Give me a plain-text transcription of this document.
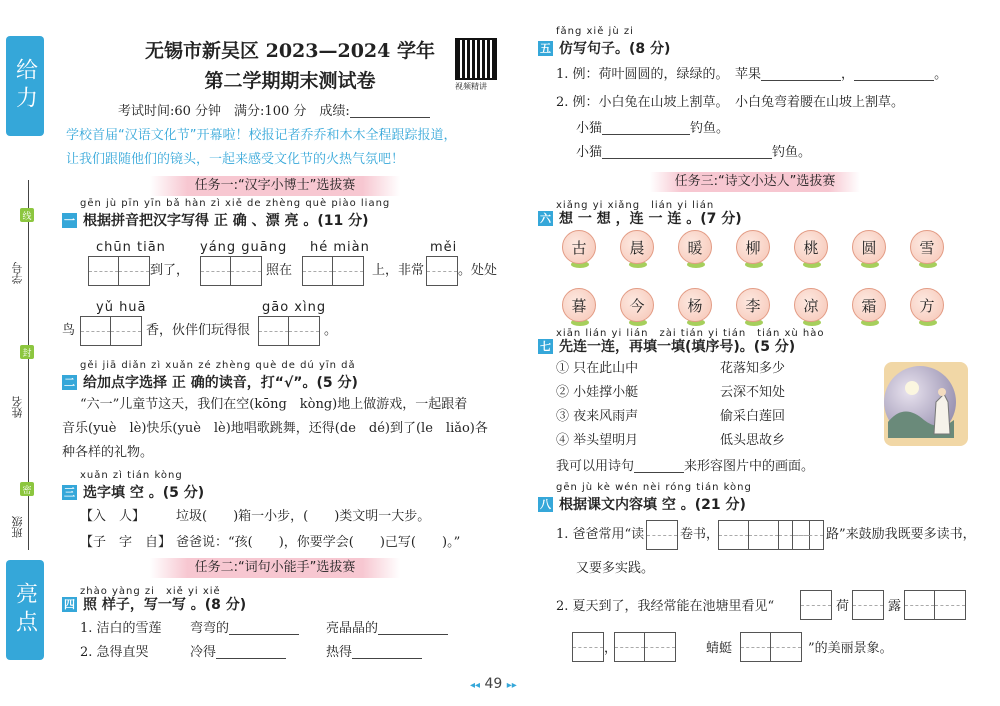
给力
亮点
线
封
密
学号
姓名
班级
无锡市新吴区 2023—2024 学年
第二学期期末测试卷	视频精讲
考试时间:60 分钟　满分:100 分　成绩:
学校首届“汉语文化节”开幕啦！校报记者乔乔和木木全程跟踪报道，
让我们跟随他们的镜头，一起来感受文化节的火热气氛吧！
任务一:“汉字小博士”选拔赛
gēn jù pīn yīn bǎ hàn zì xiě de zhèng què piào liang
一 根据拼音把汉字写得 正 确 、漂 亮 。(11 分)
chūn tiān	yáng guāng hé miàn	měi
到了，	照在	上，非常	。处处
yǔ huā	gāo xìng
鸟	香，伙伴们玩得很	。
gěi jiā diǎn zì xuǎn zé zhèng què de dú yīn dǎ
二 给加点字选择 正 确的读音，打“√”。(5 分)
“六一”儿童节这天，我们在空(kōng　kòng)地上做游戏，一起跟着
音乐(yuè　lè)快乐(yuè　lè)地唱歌跳舞，还得(de　dé)到了(le　liǎo)各
种各样的礼物。
xuǎn zì tián kòng
三 选字填 空 。(5 分)
【入　人】 垃圾(　　)箱一小步，(　　)类文明一大步。
【子　字　自】 爸爸说：“孩(　　)，你要学会(　　)己写(　　)。”
任务二:“词句小能手”选拔赛
zhào yàng zi　xiě yi xiě
四 照 样子，写一写 。(8 分)
1. 洁白的雪莲 弯弯的	亮晶晶的
2. 急得直哭	冷得	热得
fǎng xiě jù zi
五 仿写句子。(8 分)
1. 例：荷叶圆圆的，绿绿的。　苹果	，	。
2. 例：小白兔在山坡上割草。　小白兔弯着腰在山坡上割草。
小猫	钓鱼。
小猫	钓鱼。
任务三:“诗文小达人”选拔赛
xiǎng yi xiǎng　lián yi lián
六 想 一 想 ，连 一 连 。(7 分)
古	晨	暖	柳	桃	圆	雪
暮	今	杨	李	凉	霜	方
xiān lián yi lián　zài tián yi tián　tián xù hào
七 先连一连，再填一填(填序号)。(5 分)
① 只在此山中
② 小娃撑小艇
③ 夜来风雨声
④ 举头望明月
花落知多少
云深不知处
偷采白莲回
低头思故乡
我可以用诗句	来形容图片中的画面。
gēn jù kè wén nèi róng tián kòng
八 根据课文内容填 空 。(21 分)
1. 爸爸常用“读	卷书，	路”来鼓励我既要多读书，
又要多实践。
2. 夏天到了，我经常能在池塘里看见“	荷	露
，	蜻蜓	”的美丽景象。
◂◂ 49 ▸▸
